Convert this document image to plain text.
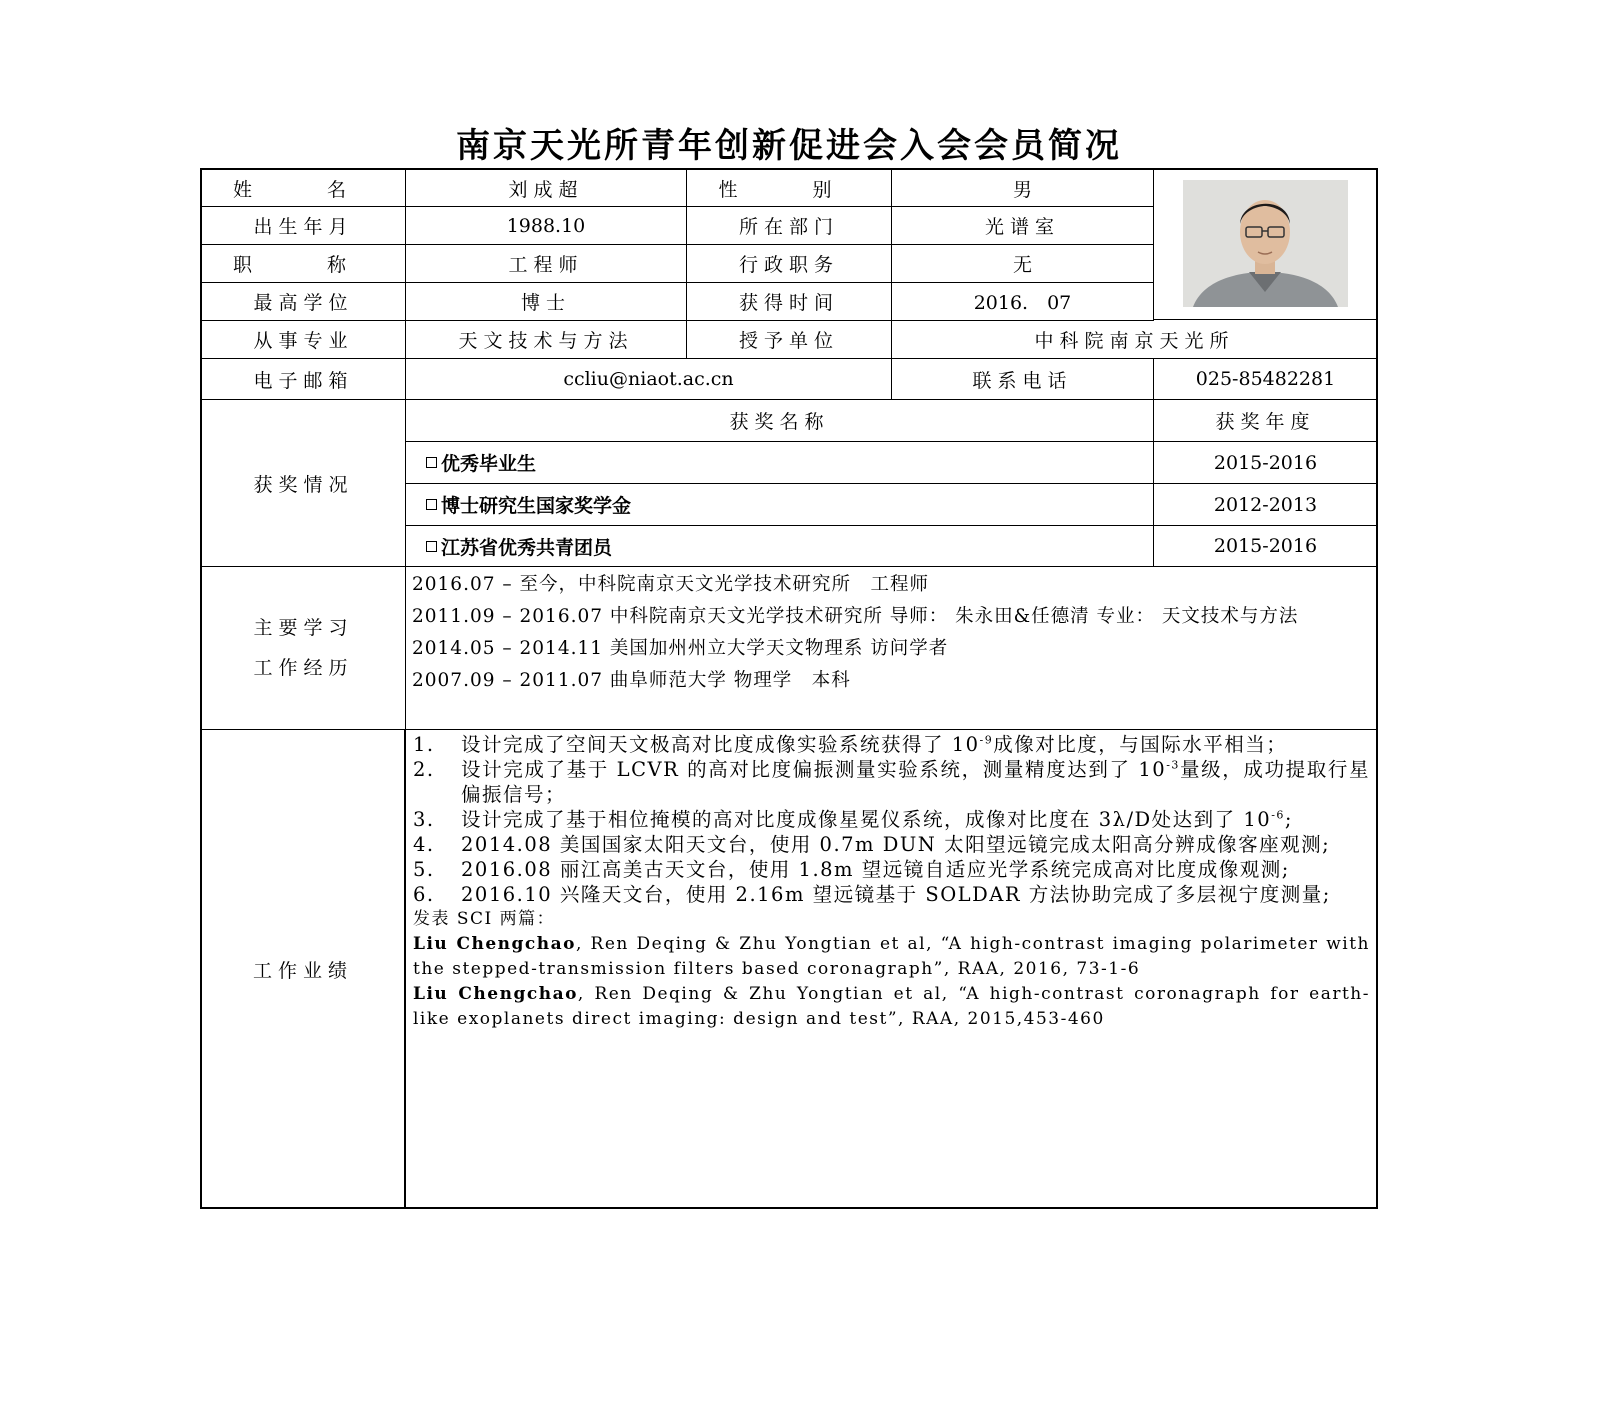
南京天光所青年创新促进会入会会员简况
姓　名	刘成超	性　别	男
出生年月	1988.10	所在部门	光谱室
职　称	工程师	行政职务	无
最高学位	博士	获得时间	2016.　07
从事专业	天文技术与方法	授予单位	中科院南京天光所
电子邮箱	ccliu@niaot.ac.cn	联系电话	025-85482281
获奖情况
获奖名称	获奖年度
优秀毕业生	2015-2016
博士研究生国家奖学金	2012-2013
江苏省优秀共青团员	2015-2016
主要学习
工作经历

2016.07 – 至今，中科院南京天文光学技术研究所　工程师

2011.09 – 2016.07 中科院南京天文光学技术研究所 导师： 朱永田&任德清 专业： 天文技术与方法

2014.05 – 2014.11 美国加州州立大学天文物理系 访问学者

2007.09 – 2011.07 曲阜师范大学 物理学　本科

工作业绩
1. 设计完成了空间天文极高对比度成像实验系统获得了 $10^{-9}$成像对比度，与国际水平相当；
2. 设计完成了基于 LCVR 的高对比度偏振测量实验系统，测量精度达到了 $10^{-3}$量级，成功提取行星偏振信号；
3. 设计完成了基于相位掩模的高对比度成像星冕仪系统，成像对比度在 3λ/D处达到了 $10^{-6}$;
4. 2014.08 美国国家太阳天文台，使用 0.7m DUN 太阳望远镜完成太阳高分辨成像客座观测;
5. 2016.08 丽江高美古天文台，使用 1.8m 望远镜自适应光学系统完成高对比度成像观测;
6. 2016.10 兴隆天文台，使用 2.16m 望远镜基于 SOLDAR 方法协助完成了多层视宁度测量;

发表 SCI 两篇：

Liu Chengchao, Ren Deqing & Zhu Yongtian et al, “A high-contrast imaging polarimeter with the stepped-transmission filters based coronagraph”, RAA, 2016, 73-1-6

Liu Chengchao, Ren Deqing & Zhu Yongtian et al, “A high-contrast coronagraph for earth-like exoplanets direct imaging: design and test”, RAA, 2015,453-460
